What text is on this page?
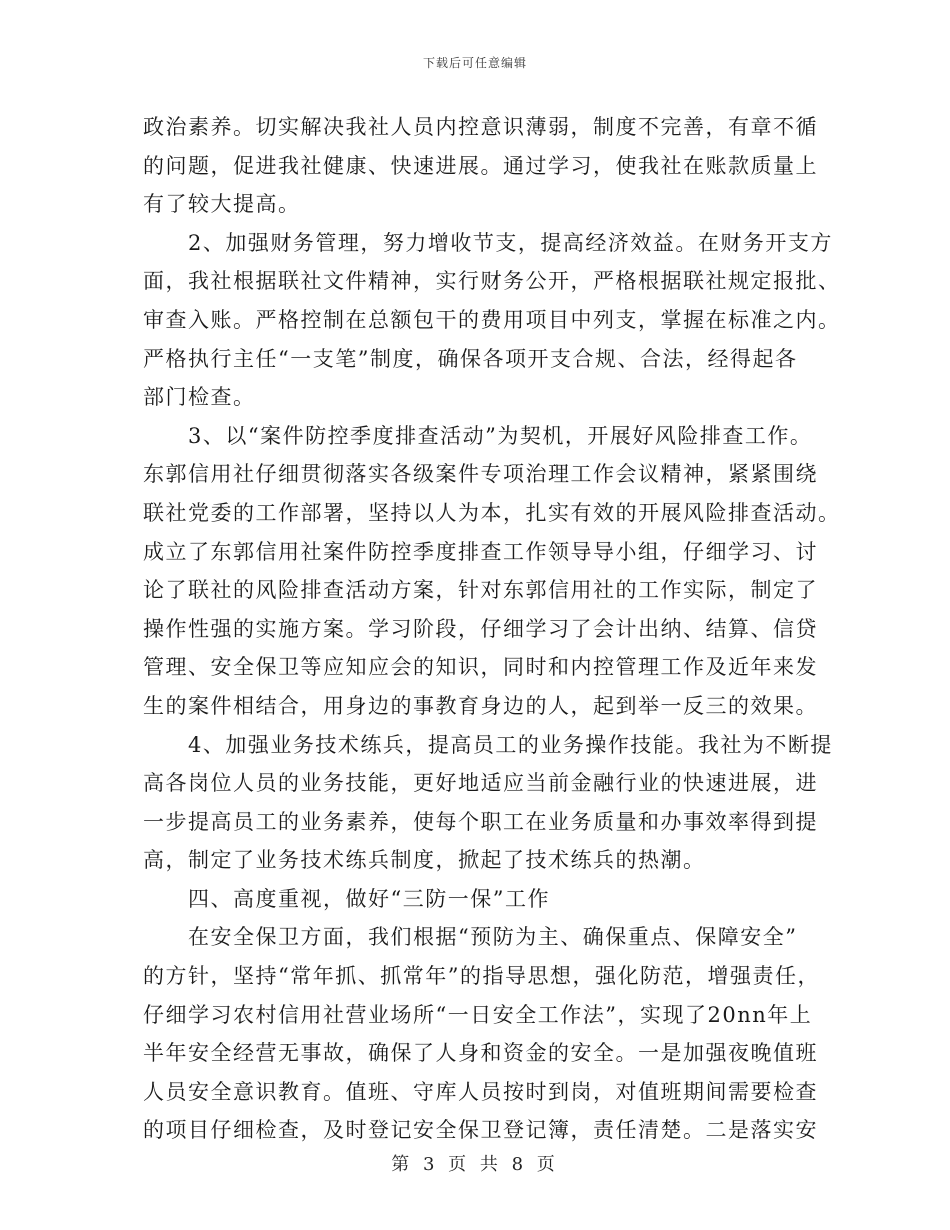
下载后可任意编辑
政治素养。切实解决我社人员内控意识薄弱，制度不完善，有章不循
的问题，促进我社健康、快速进展。通过学习，使我社在账款质量上
有了较大提高。
　　2、加强财务管理，努力增收节支，提高经济效益。在财务开支方
面，我社根据联社文件精神，实行财务公开，严格根据联社规定报批、
审查入账。严格控制在总额包干的费用项目中列支，掌握在标准之内。
严格执行主任“一支笔”制度，确保各项开支合规、合法，经得起各
部门检查。
　　3、以“案件防控季度排查活动”为契机，开展好风险排查工作。
东郭信用社仔细贯彻落实各级案件专项治理工作会议精神，紧紧围绕
联社党委的工作部署，坚持以人为本，扎实有效的开展风险排查活动。
成立了东郭信用社案件防控季度排查工作领导导小组，仔细学习、讨
论了联社的风险排查活动方案，针对东郭信用社的工作实际，制定了
操作性强的实施方案。学习阶段，仔细学习了会计出纳、结算、信贷
管理、安全保卫等应知应会的知识，同时和内控管理工作及近年来发
生的案件相结合，用身边的事教育身边的人，起到举一反三的效果。
　　4、加强业务技术练兵，提高员工的业务操作技能。我社为不断提
高各岗位人员的业务技能，更好地适应当前金融行业的快速进展，进
一步提高员工的业务素养，使每个职工在业务质量和办事效率得到提
高，制定了业务技术练兵制度，掀起了技术练兵的热潮。
　　四、高度重视，做好“三防一保”工作
　　在安全保卫方面，我们根据“预防为主、确保重点、保障安全”
的方针，坚持“常年抓、抓常年”的指导思想，强化防范，增强责任，
仔细学习农村信用社营业场所“一日安全工作法”，实现了20nn年上
半年安全经营无事故，确保了人身和资金的安全。一是加强夜晚值班
人员安全意识教育。值班、守库人员按时到岗，对值班期间需要检查
的项目仔细检查，及时登记安全保卫登记簿，责任清楚。二是落实安
第 3 页 共 8 页
